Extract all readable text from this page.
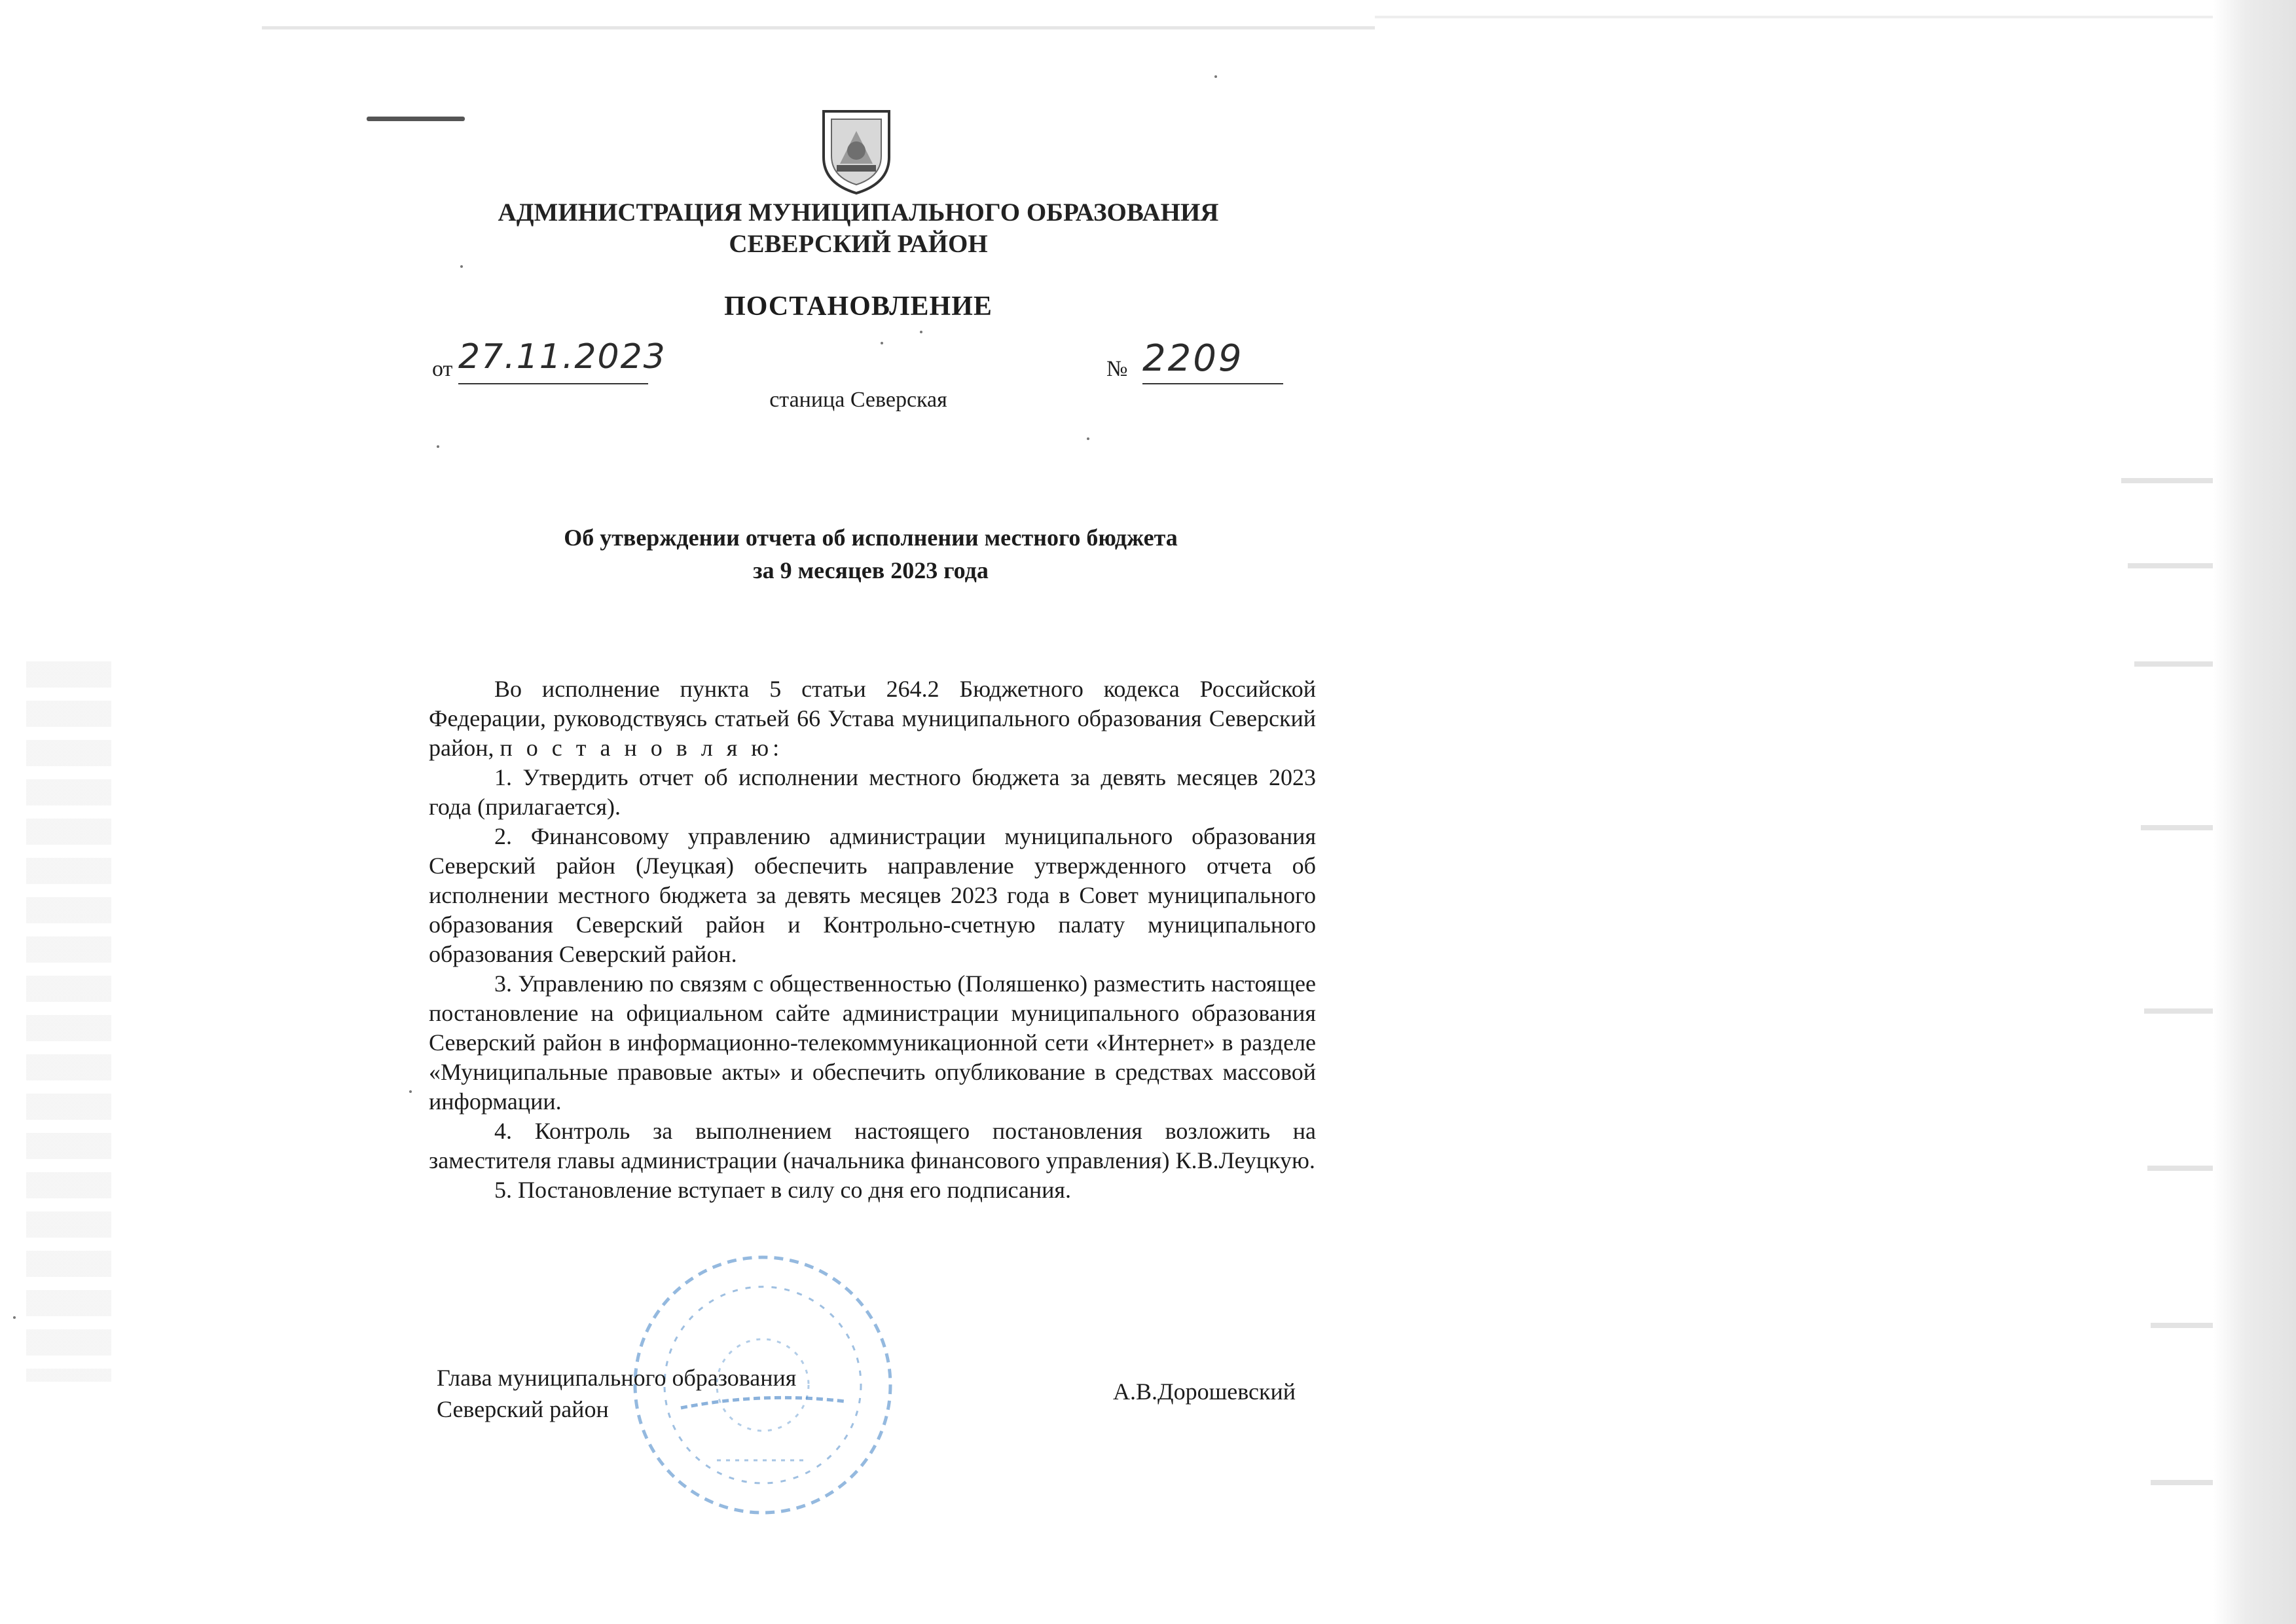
АДМИНИСТРАЦИЯ МУНИЦИПАЛЬНОГО ОБРАЗОВАНИЯ
СЕВЕРСКИЙ РАЙОН
ПОСТАНОВЛЕНИЕ
от 27.11.2023	№ 2209
станица Северская
Об утверждении отчета об исполнении местного бюджета
за 9 месяцев 2023 года

Во исполнение пункта 5 статьи 264.2 Бюджетного кодекса Российской Федерации, руководствуясь статьей 66 Устава муниципального образования Северский район, п о с т а н о в л я ю:

1. Утвердить отчет об исполнении местного бюджета за девять месяцев 2023 года (прилагается).

2. Финансовому управлению администрации муниципального образования Северский район (Леуцкая) обеспечить направление утвержденного отчета об исполнении местного бюджета за девять месяцев 2023 года в Совет муниципального образования Северский район и Контрольно-счетную палату муниципального образования Северский район.

3. Управлению по связям с общественностью (Поляшенко) разместить настоящее постановление на официальном сайте администрации муниципального образования Северский район в информационно-телекоммуникационной сети «Интернет» в разделе «Муниципальные правовые акты» и обеспечить опубликование в средствах массовой информации.

4. Контроль за выполнением настоящего постановления возложить на заместителя главы администрации (начальника финансового управления) К.В.Леуцкую.

5. Постановление вступает в силу со дня его подписания.

Глава муниципального образования
Северский район
А.В.Дорошевский
